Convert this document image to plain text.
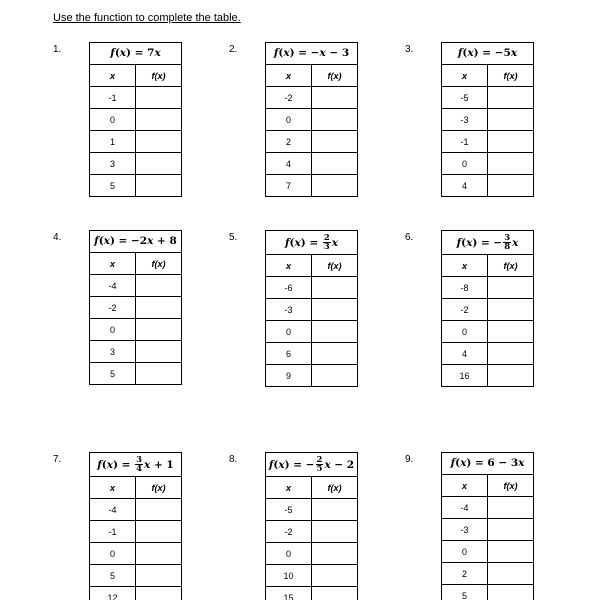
Use the function to complete the table.
1.	f(x) = 7x	
x	f(x)
-1	
0	
1	
3	
5	
2.	f(x) = −x − 3	
x	f(x)
-2	
0	
2	
4	
7	
3.	f(x) = −5x	
x	f(x)
-5	
-3	
-1	
0	
4	
4.	f(x) = −2x + 8	
x	f(x)
-4	
-2	
0	
3	
5	
5.	$f(x) = \frac{2}{3}$ x	
x	f(x)
-6	
-3	
0	
6	
9	
6.	f(x) = − $\frac{3}{8}$ x	
x	f(x)
-8	
-2	
0	
4	
16	
7.	$f(x) = \frac{3}{4}$ x + 1	
x	f(x)
-4	
-1	
0	
5	
12	
8.	f(x) = − $\frac{2}{5}$ x − 2	
x	f(x)
-5	
-2	
0	
10	
15	
9.	f(x) = 6 − 3x	
x	f(x)
-4	
-3	
0	
2	
5	
